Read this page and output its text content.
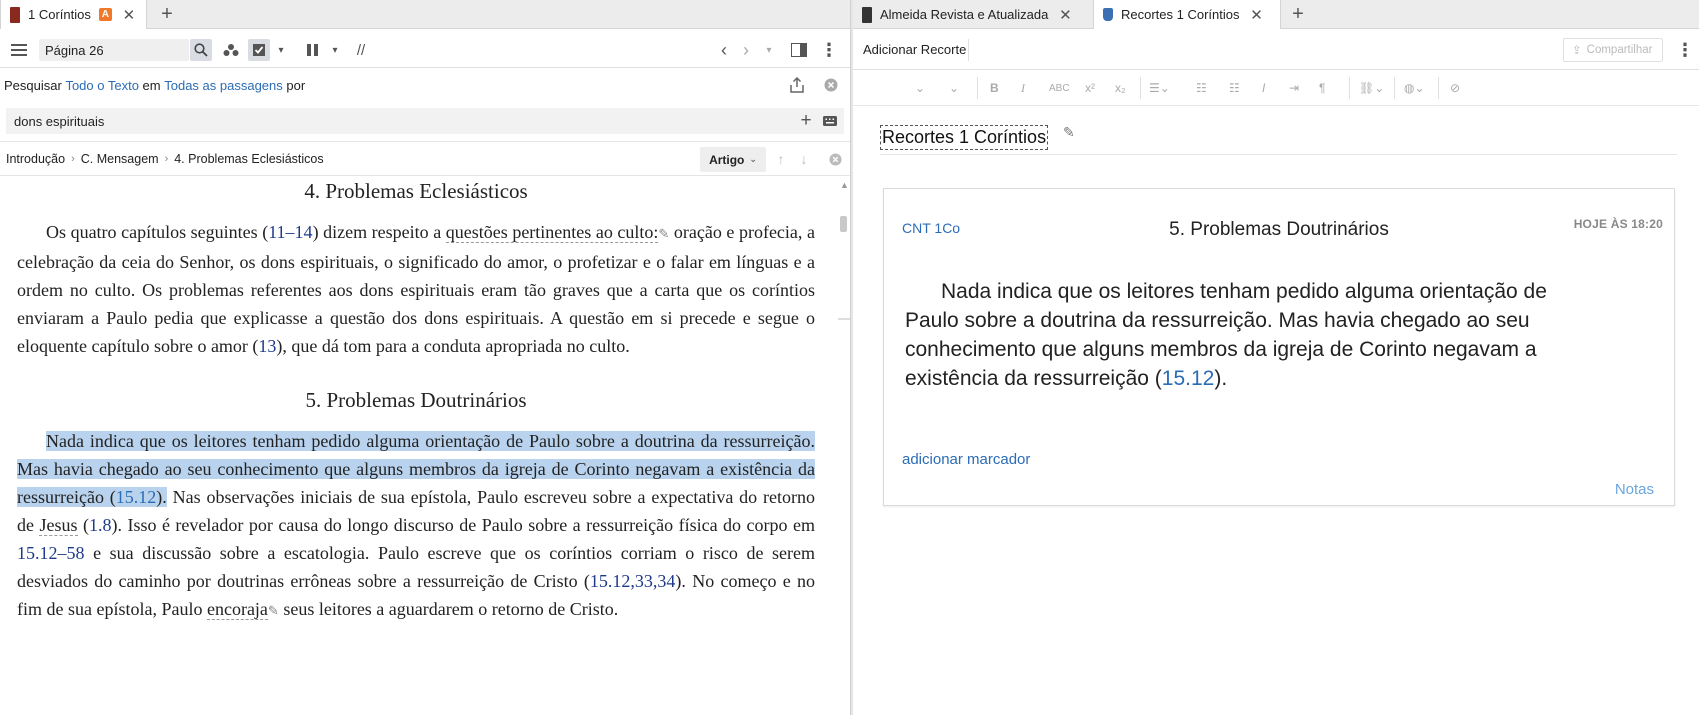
1 Coríntios A ✕ +
Página 26
▾	▾	//	‹ ›	▾	⋮
Pesquisar
Todo o Texto
em
Todas as passagens
por
dons espirituais	+
Introdução › C. Mensagem › 4. Problemas Eclesiásticos	Artigo ⌄	↑	↓
4. Problemas Eclesiásticos

Os quatro capítulos seguintes (11–14) dizem respeito a questões pertinentes ao culto:✎ oração e profecia, a celebração da ceia do Senhor, os dons espirituais, o significado do amor, o profetizar e o falar em línguas e a ordem no culto. Os problemas referentes aos dons espirituais eram tão graves que a carta que os coríntios enviaram a Paulo pedia que explicasse a questão dos dons espirituais. A questão em si precede e segue o eloquente capítulo sobre o amor (13), que dá tom para a conduta apropriada no culto.

5. Problemas Doutrinários

Nada indica que os leitores tenham pedido alguma orientação de Paulo sobre a doutrina da ressurreição. Mas havia chegado ao seu conhecimento que alguns membros da igreja de Corinto negavam a existência da ressurreição (15.12). Nas observações iniciais de sua epístola, Paulo escreveu sobre a expectativa do retorno de Jesus (1.8). Isso é revelador por causa do longo discurso de Paulo sobre a ressurreição física do corpo em 15.12–58 e sua discussão sobre a escatologia. Paulo escreve que os coríntios corriam o risco de serem desviados do caminho por doutrinas errôneas sobre a ressurreição de Cristo (15.12,33,34). No começo e no fim de sua epístola, Paulo encoraja✎ seus leitores a aguardarem o retorno de Cristo.

▲
Almeida Revista e Atualizada ✕	Recortes 1 Coríntios ✕ +
Adicionar Recorte	⇪ Compartilhar ⋮
⌄ ⌄	B I ABC x² x₂ ☰⌄ ☷ ☷ I ⇥ ¶	⛓⌄ ◍⌄ ⊘
Recortes 1 Coríntios ✎
CNT 1Co	5. Problemas Doutrinários	HOJE ÀS 18:20
Nada indica que os leitores tenham pedido alguma orientação de Paulo sobre a doutrina da ressurreição. Mas havia chegado ao seu conhecimento que alguns membros da igreja de Corinto negavam a existência da ressurreição (15.12).
adicionar marcador
Notas
